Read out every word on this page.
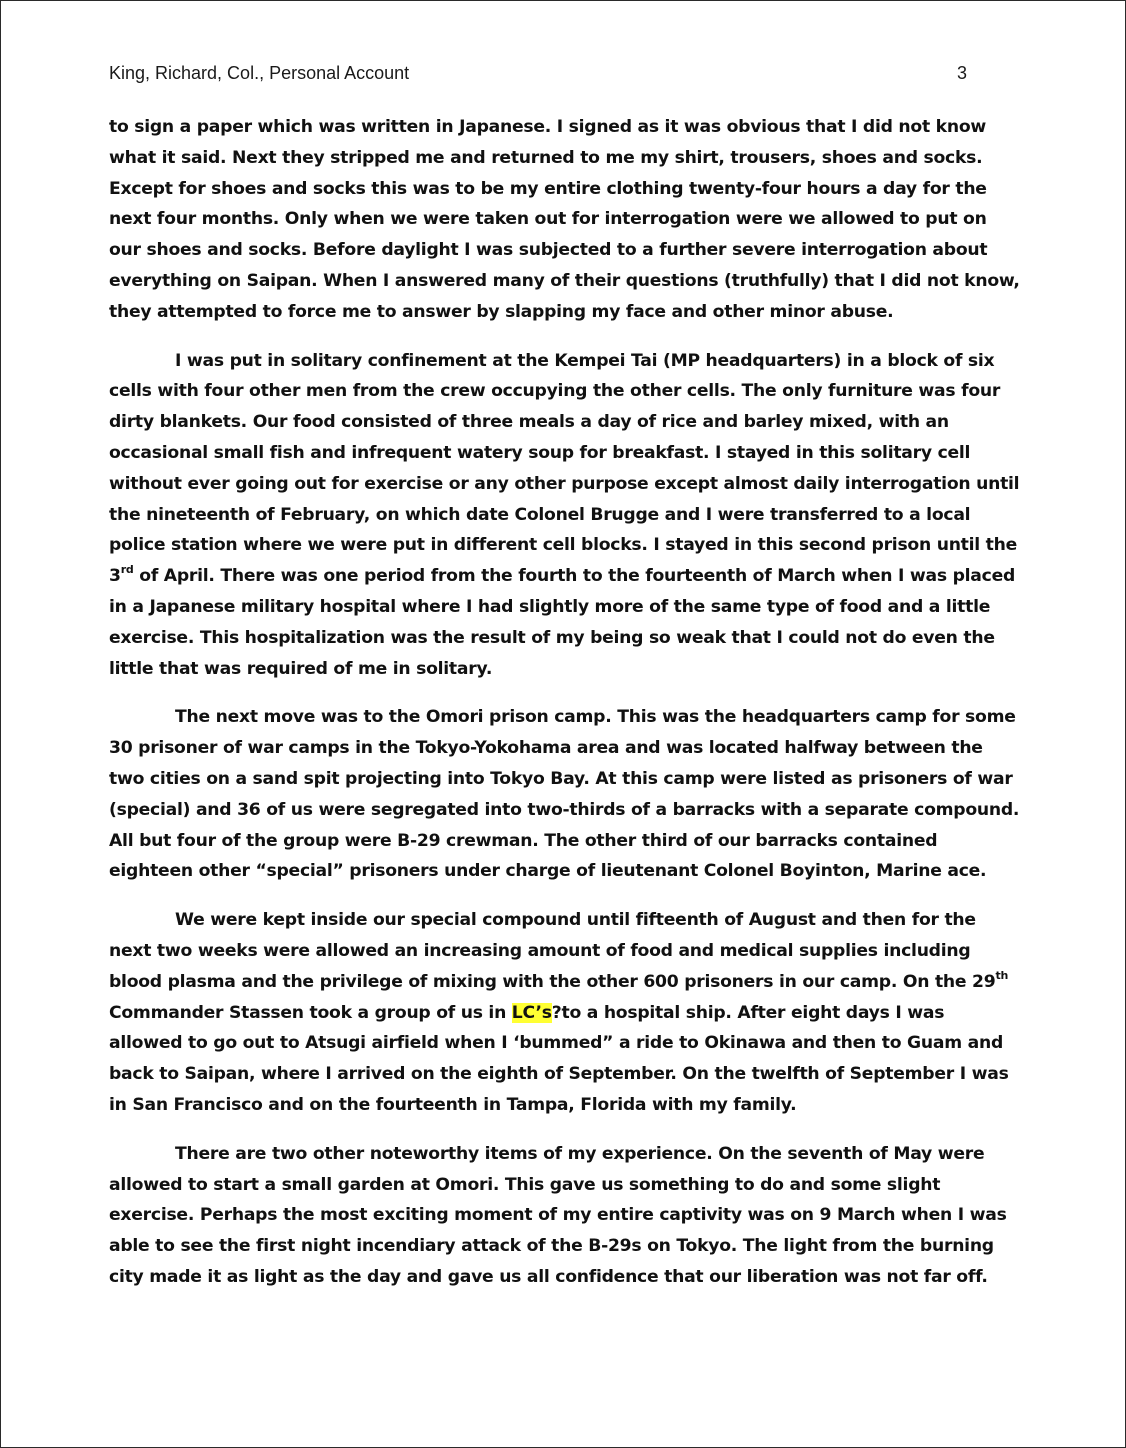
King, Richard, Col., Personal Account	3

to sign a paper which was written in Japanese. I signed as it was obvious that I did not know what it said. Next they stripped me and returned to me my shirt, trousers, shoes and socks. Except for shoes and socks this was to be my entire clothing twenty-four hours a day for the next four months. Only when we were taken out for interrogation were we allowed to put on our shoes and socks. Before daylight I was subjected to a further severe interrogation about everything on Saipan. When I answered many of their questions (truthfully) that I did not know, they attempted to force me to answer by slapping my face and other minor abuse.

I was put in solitary confinement at the Kempei Tai (MP headquarters) in a block of six cells with four other men from the crew occupying the other cells. The only furniture was four dirty blankets. Our food consisted of three meals a day of rice and barley mixed, with an occasional small fish and infrequent watery soup for breakfast. I stayed in this solitary cell without ever going out for exercise or any other purpose except almost daily interrogation until the nineteenth of February, on which date Colonel Brugge and I were transferred to a local police station where we were put in different cell blocks. I stayed in this second prison until the 3rd of April. There was one period from the fourth to the fourteenth of March when I was placed in a Japanese military hospital where I had slightly more of the same type of food and a little exercise. This hospitalization was the result of my being so weak that I could not do even the little that was required of me in solitary.

The next move was to the Omori prison camp. This was the headquarters camp for some 30 prisoner of war camps in the Tokyo-Yokohama area and was located halfway between the two cities on a sand spit projecting into Tokyo Bay. At this camp were listed as prisoners of war (special) and 36 of us were segregated into two-thirds of a barracks with a separate compound. All but four of the group were B-29 crewman. The other third of our barracks contained eighteen other “special” prisoners under charge of lieutenant Colonel Boyinton, Marine ace.

We were kept inside our special compound until fifteenth of August and then for the next two weeks were allowed an increasing amount of food and medical supplies including blood plasma and the privilege of mixing with the other 600 prisoners in our camp. On the 29th
Commander Stassen took a group of us in LC’s?to a hospital ship. After eight days I was allowed to go out to Atsugi airfield when I ‘bummed” a ride to Okinawa and then to Guam and back to Saipan, where I arrived on the eighth of September. On the twelfth of September I was in San Francisco and on the fourteenth in Tampa, Florida with my family.

There are two other noteworthy items of my experience. On the seventh of May were allowed to start a small garden at Omori. This gave us something to do and some slight exercise. Perhaps the most exciting moment of my entire captivity was on 9 March when I was able to see the first night incendiary attack of the B-29s on Tokyo. The light from the burning city made it as light as the day and gave us all confidence that our liberation was not far off.
